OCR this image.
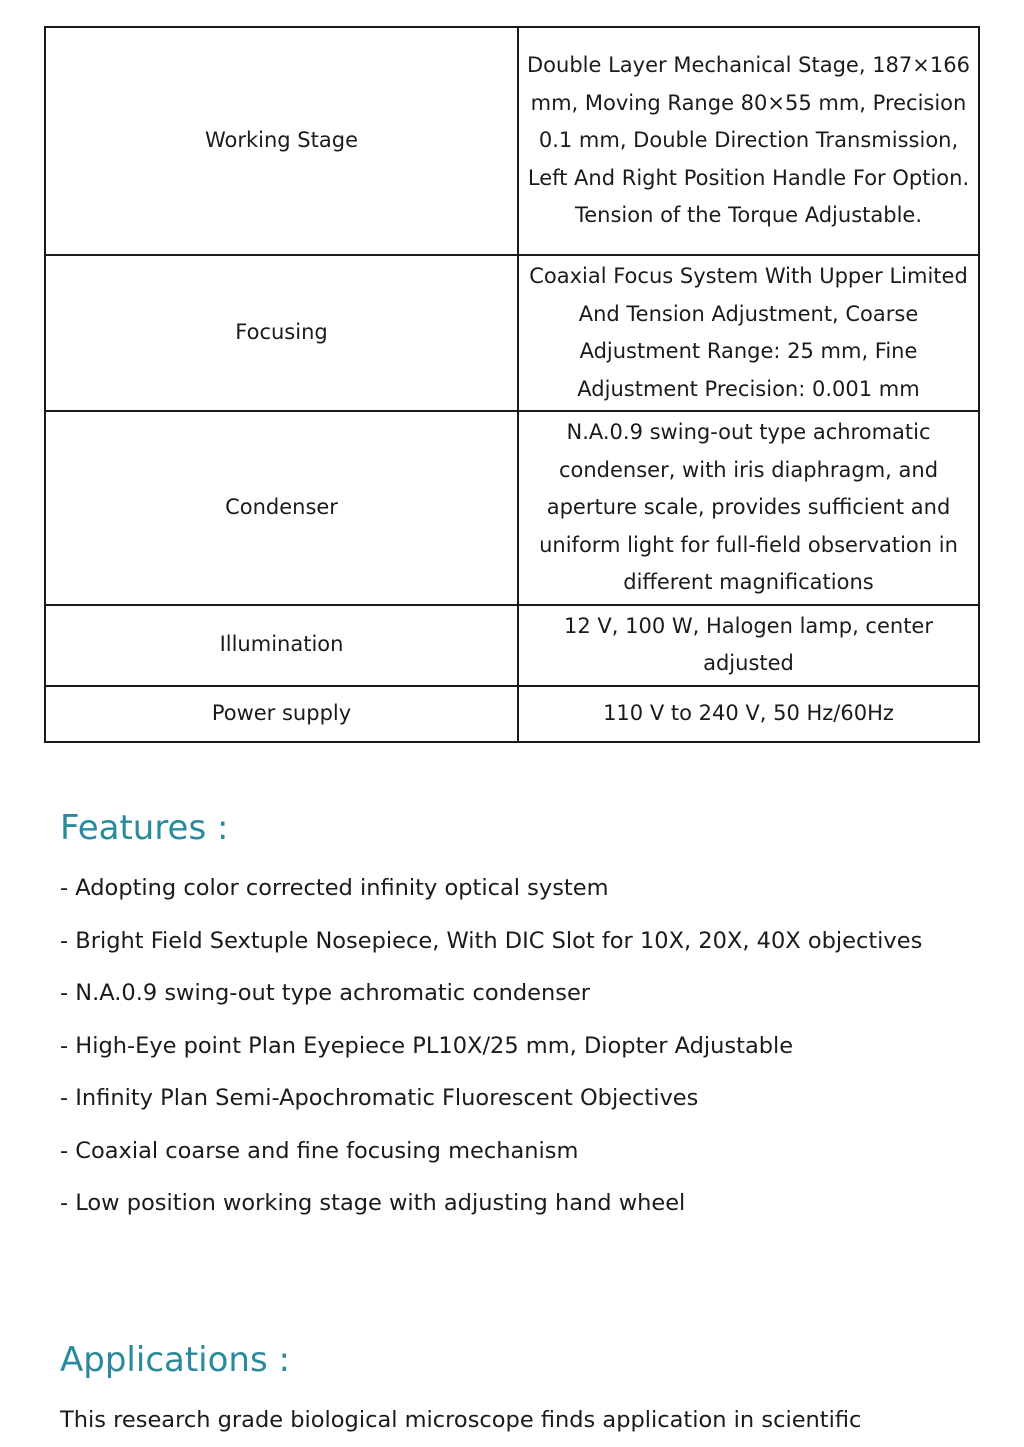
Working Stage	Double Layer Mechanical Stage, 187×166 mm, Moving Range 80×55 mm, Precision 0.1 mm, Double Direction Transmission, Left And Right Position Handle For Option. Tension of the Torque Adjustable.
Focusing	Coaxial Focus System With Upper Limited And Tension Adjustment, Coarse Adjustment Range: 25 mm, Fine Adjustment Precision: 0.001 mm
Condenser	N.A.0.9 swing-out type achromatic condenser, with iris diaphragm, and aperture scale, provides sufficient and uniform light for full-field observation in different magnifications
Illumination	12 V, 100 W, Halogen lamp, center adjusted
Power supply	110 V to 240 V, 50 Hz/60Hz
Features :
- Adopting color corrected infinity optical system
- Bright Field Sextuple Nosepiece, With DIC Slot for 10X, 20X, 40X objectives
- N.A.0.9 swing-out type achromatic condenser
- High-Eye point Plan Eyepiece PL10X/25 mm, Diopter Adjustable
- Infinity Plan Semi-Apochromatic Fluorescent Objectives
- Coaxial coarse and fine focusing mechanism
- Low position working stage with adjusting hand wheel
Applications :

This research grade biological microscope finds application in scientific
